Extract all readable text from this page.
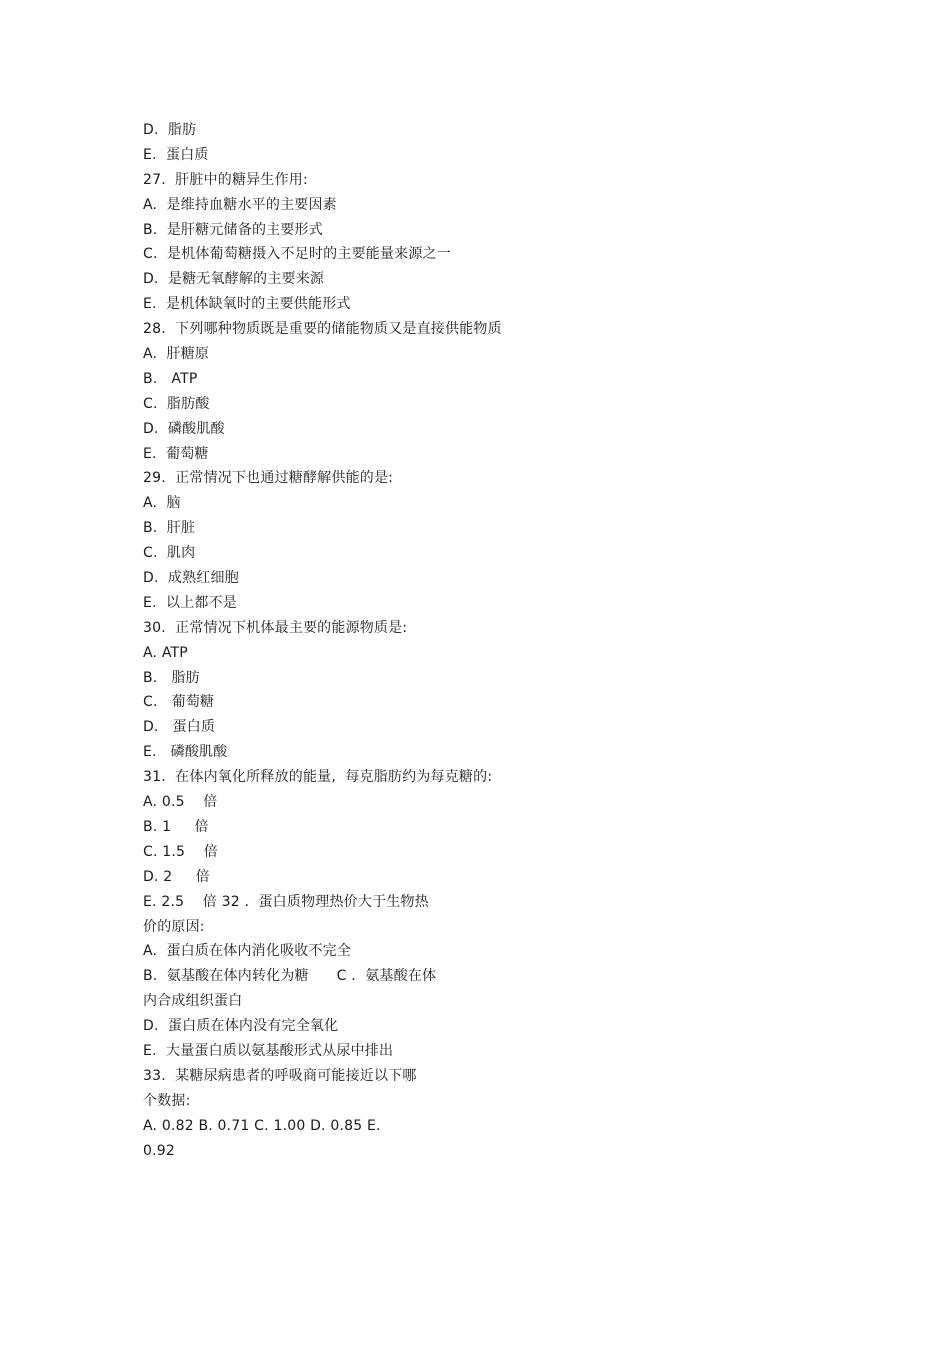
D.  脂肪
E.  蛋白质
27.  肝脏中的糖异生作用:
A.  是维持血糖水平的主要因素
B.  是肝糖元储备的主要形式
C.  是机体葡萄糖摄入不足时的主要能量来源之一
D.  是糖无氧酵解的主要来源
E.  是机体缺氧时的主要供能形式
28.  下列哪种物质既是重要的储能物质又是直接供能物质
A.  肝糖原
B.   ATP
C.  脂肪酸
D.  磷酸肌酸
E.  葡萄糖
29.  正常情况下也通过糖酵解供能的是:
A.  脑
B.  肝脏
C.  肌肉
D.  成熟红细胞
E.  以上都不是
30.  正常情况下机体最主要的能源物质是:
A. ATP
B.   脂肪
C.   葡萄糖
D.   蛋白质
E.   磷酸肌酸
31.  在体内氧化所释放的能量,  每克脂肪约为每克糖的:
A. 0.5    倍
B. 1     倍
C. 1.5    倍
D. 2     倍
E. 2.5    倍 32 .  蛋白质物理热价大于生物热
价的原因:
A.  蛋白质在体内消化吸收不完全
B.  氨基酸在体内转化为糖      C .  氨基酸在体
内合成组织蛋白
D.  蛋白质在体内没有完全氧化
E.  大量蛋白质以氨基酸形式从尿中排出
33.  某糖尿病患者的呼吸商可能接近以下哪
个数据:
A. 0.82 B. 0.71 C. 1.00 D. 0.85 E.
0.92
